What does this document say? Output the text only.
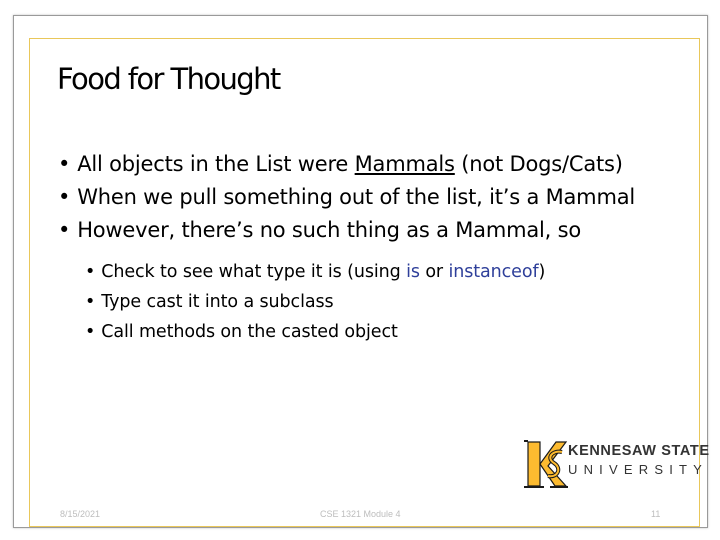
Food for Thought
• All objects in the List were Mammals (not Dogs/Cats)
• When we pull something out of the list, it’s a Mammal
• However, there’s no such thing as a Mammal, so
• Check to see what type it is (using is or instanceof)
• Type cast it into a subclass
• Call methods on the casted object
KENNESAW STATE
UNIVERSITY
8/15/2021	CSE 1321 Module 4	11
